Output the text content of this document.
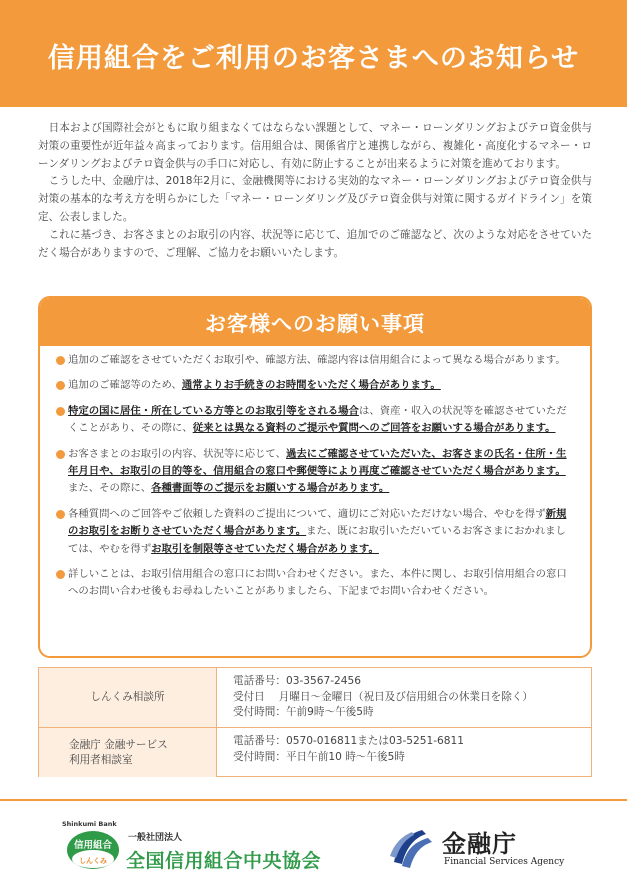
信用組合をご利用のお客さまへのお知らせ

日本および国際社会がともに取り組まなくてはならない課題として、マネー・ローンダリングおよびテロ資金供与対策の重要性が近年益々高まっております。信用組合は、関係省庁と連携しながら、複雑化・高度化するマネー・ローンダリングおよびテロ資金供与の手口に対応し、有効に防止することが出来るように対策を進めております。

こうした中、金融庁は、2018年2月に、金融機関等における実効的なマネー・ローンダリングおよびテロ資金供与対策の基本的な考え方を明らかにした「マネー・ローンダリング及びテロ資金供与対策に関するガイドライン」を策定、公表しました。

これに基づき、お客さまとのお取引の内容、状況等に応じて、追加でのご確認など、次のような対応をさせていただく場合がありますので、ご理解、ご協力をお願いいたします。

お客様へのお願い事項
追加のご確認をさせていただくお取引や、確認方法、確認内容は信用組合によって異なる場合があります。
追加のご確認等のため、通常よりお手続きのお時間をいただく場合があります。
特定の国に居住・所在している方等とのお取引等をされる場合は、資産・収入の状況等を確認させていただくことがあり、その際に、従来とは異なる資料のご提示や質問へのご回答をお願いする場合があります。
お客さまとのお取引の内容、状況等に応じて、過去にご確認させていただいた、お客さまの氏名・住所・生年月日や、お取引の目的等を、信用組合の窓口や郵便等により再度ご確認させていただく場合があります。また、その際に、各種書面等のご提示をお願いする場合があります。
各種質問へのご回答やご依頼した資料のご提出について、適切にご対応いただけない場合、やむを得ず新規のお取引をお断りさせていただく場合があります。また、既にお取引いただいているお客さまにおかれましては、やむを得ずお取引を制限等させていただく場合があります。
詳しいことは、お取引信用組合の窓口にお問い合わせください。また、本件に関し、お取引信用組合の窓口へのお問い合わせ後もお尋ねしたいことがありましたら、下記までお問い合わせください。
しんくみ相談所
電話番号：03-3567-2456
受付日　 月曜日～金曜日（祝日及び信用組合の休業日を除く）
受付時間：午前9時～午後5時
金融庁 金融サービス
利用者相談室
電話番号：0570-016811または03-5251-6811
受付時間：平日午前10 時～午後5時
Shinkumi Bank
信用組合
しんくみ
一般社団法人
全国信用組合中央協会
金融庁
Financial Services Agency
